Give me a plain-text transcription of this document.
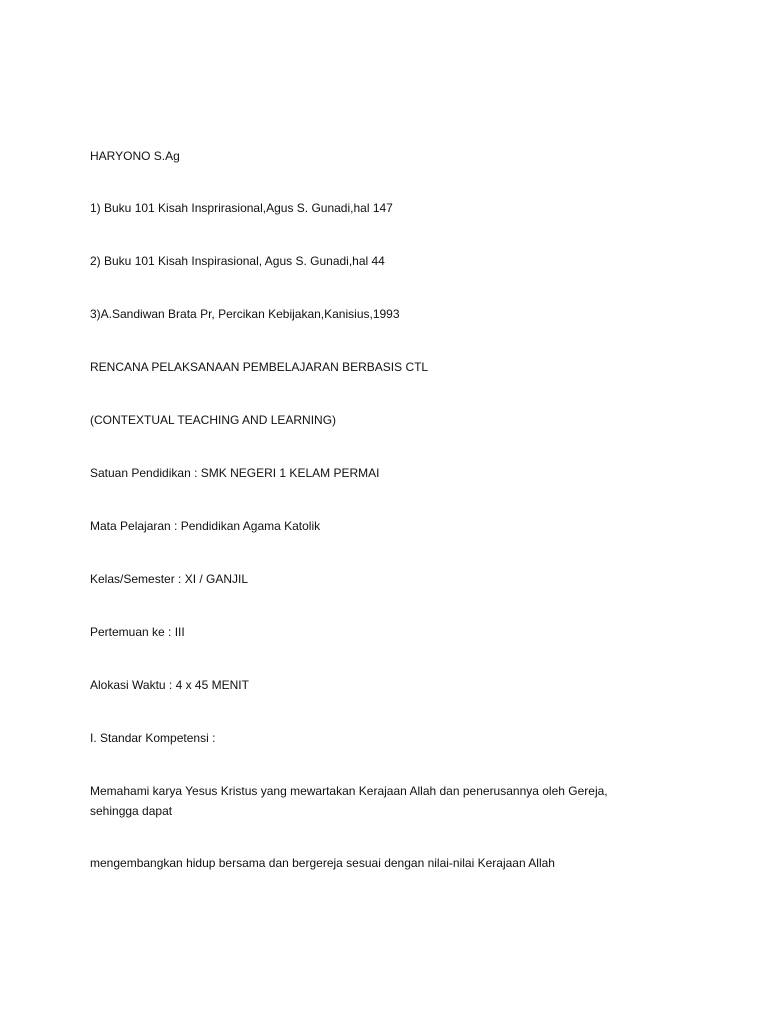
HARYONO S.Ag

1) Buku 101 Kisah Insprirasional,Agus S. Gunadi,hal 147

2) Buku 101 Kisah Inspirasional, Agus S. Gunadi,hal 44

3)A.Sandiwan Brata Pr, Percikan Kebijakan,Kanisius,1993

RENCANA PELAKSANAAN PEMBELAJARAN BERBASIS CTL

(CONTEXTUAL TEACHING AND LEARNING)

Satuan Pendidikan : SMK NEGERI 1 KELAM PERMAI

Mata Pelajaran : Pendidikan Agama Katolik

Kelas/Semester : XI / GANJIL

Pertemuan ke : III

Alokasi Waktu : 4 x 45 MENIT

I. Standar Kompetensi :

Memahami karya Yesus Kristus yang mewartakan Kerajaan Allah dan penerusannya oleh Gereja, sehingga dapat

mengembangkan hidup bersama dan bergereja sesuai dengan nilai-nilai Kerajaan Allah
